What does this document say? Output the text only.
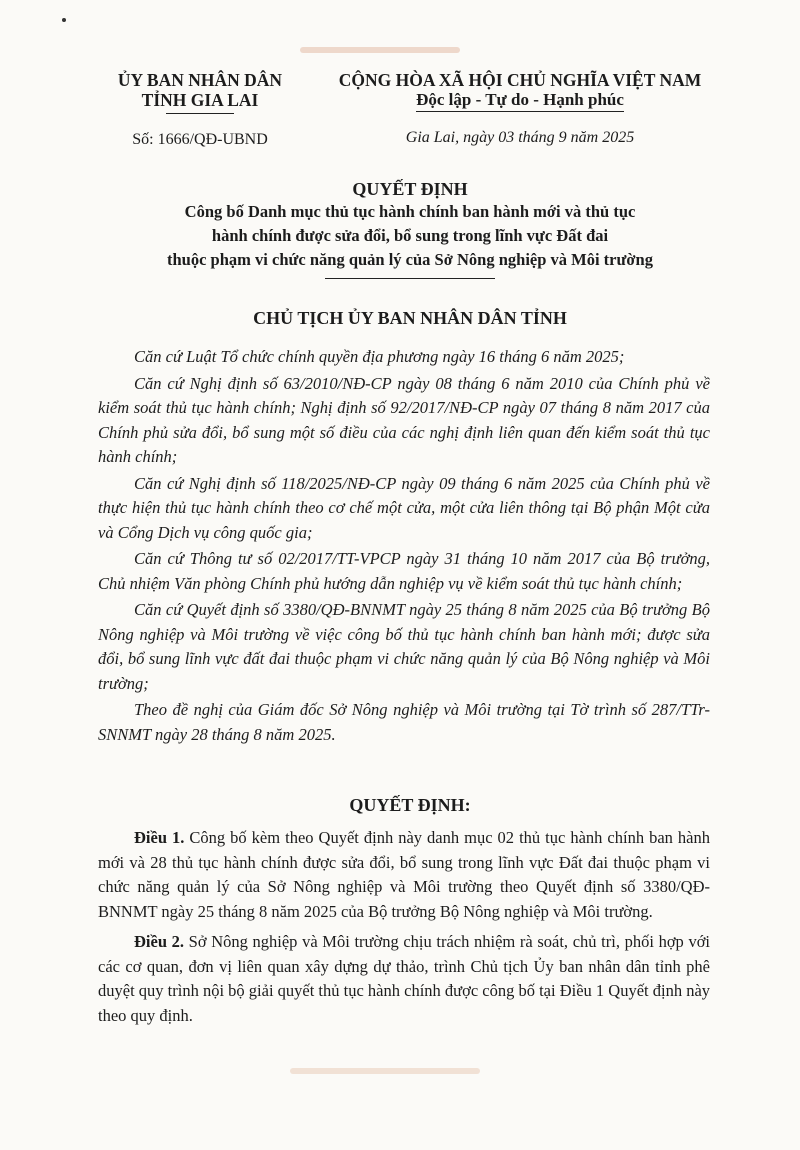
ỦY BAN NHÂN DÂN
TỈNH GIA LAI
Số: 1666/QĐ-UBND
CỘNG HÒA XÃ HỘI CHỦ NGHĨA VIỆT NAM
Độc lập - Tự do - Hạnh phúc
Gia Lai, ngày 03 tháng 9 năm 2025
QUYẾT ĐỊNH
Công bố Danh mục thủ tục hành chính ban hành mới và thủ tục
hành chính được sửa đổi, bổ sung trong lĩnh vực Đất đai
thuộc phạm vi chức năng quản lý của Sở Nông nghiệp và Môi trường
CHỦ TỊCH ỦY BAN NHÂN DÂN TỈNH

Căn cứ Luật Tổ chức chính quyền địa phương ngày 16 tháng 6 năm 2025;

Căn cứ Nghị định số 63/2010/NĐ-CP ngày 08 tháng 6 năm 2010 của Chính phủ về kiểm soát thủ tục hành chính; Nghị định số 92/2017/NĐ-CP ngày 07 tháng 8 năm 2017 của Chính phủ sửa đổi, bổ sung một số điều của các nghị định liên quan đến kiểm soát thủ tục hành chính;

Căn cứ Nghị định số 118/2025/NĐ-CP ngày 09 tháng 6 năm 2025 của Chính phủ về thực hiện thủ tục hành chính theo cơ chế một cửa, một cửa liên thông tại Bộ phận Một cửa và Cổng Dịch vụ công quốc gia;

Căn cứ Thông tư số 02/2017/TT-VPCP ngày 31 tháng 10 năm 2017 của Bộ trưởng, Chủ nhiệm Văn phòng Chính phủ hướng dẫn nghiệp vụ về kiểm soát thủ tục hành chính;

Căn cứ Quyết định số 3380/QĐ-BNNMT ngày 25 tháng 8 năm 2025 của Bộ trưởng Bộ Nông nghiệp và Môi trường về việc công bố thủ tục hành chính ban hành mới; được sửa đổi, bổ sung lĩnh vực đất đai thuộc phạm vi chức năng quản lý của Bộ Nông nghiệp và Môi trường;

Theo đề nghị của Giám đốc Sở Nông nghiệp và Môi trường tại Tờ trình số 287/TTr-SNNMT ngày 28 tháng 8 năm 2025.

QUYẾT ĐỊNH:

Điều 1. Công bố kèm theo Quyết định này danh mục 02 thủ tục hành chính ban hành mới và 28 thủ tục hành chính được sửa đổi, bổ sung trong lĩnh vực Đất đai thuộc phạm vi chức năng quản lý của Sở Nông nghiệp và Môi trường theo Quyết định số 3380/QĐ-BNNMT ngày 25 tháng 8 năm 2025 của Bộ trưởng Bộ Nông nghiệp và Môi trường.

Điều 2. Sở Nông nghiệp và Môi trường chịu trách nhiệm rà soát, chủ trì, phối hợp với các cơ quan, đơn vị liên quan xây dựng dự thảo, trình Chủ tịch Ủy ban nhân dân tỉnh phê duyệt quy trình nội bộ giải quyết thủ tục hành chính được công bố tại Điều 1 Quyết định này theo quy định.
